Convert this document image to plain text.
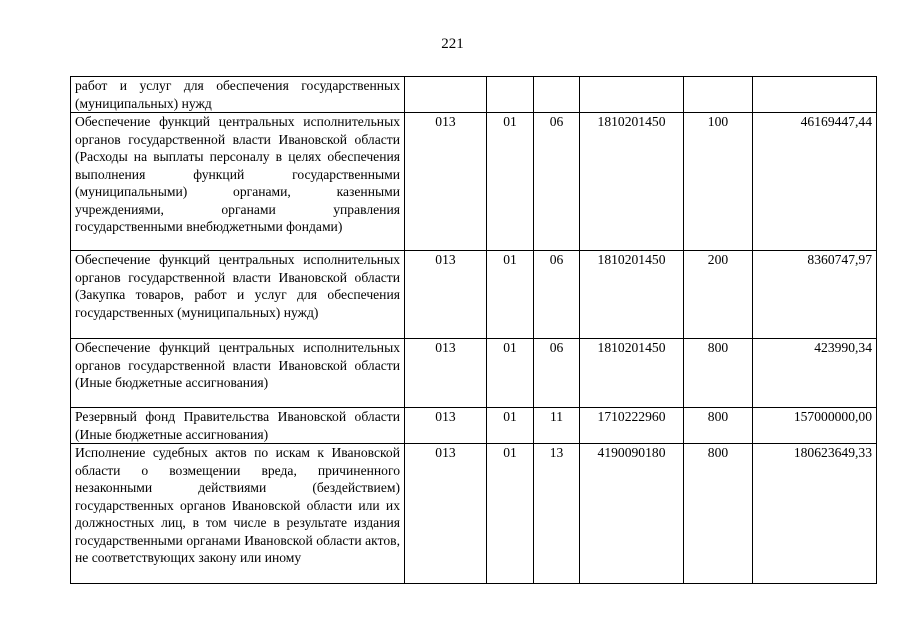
221
работ и услуг для обеспечения государственных (муниципальных) нужд						
Обеспечение функций центральных исполнительных органов государственной власти Ивановской области (Расходы на выплаты персоналу в целях обеспечения выполнения функций государственными (муниципальными) органами, казенными учреждениями, органами управления государственными внебюджетными фондами)	013	01	06	1810201450	100	46169447,44
Обеспечение функций центральных исполнительных органов государственной власти Ивановской области (Закупка товаров, работ и услуг для обеспечения государственных (муниципальных) нужд)	013	01	06	1810201450	200	8360747,97
Обеспечение функций центральных исполнительных органов государственной власти Ивановской области (Иные бюджетные ассигнования)	013	01	06	1810201450	800	423990,34
Резервный фонд Правительства Ивановской области (Иные бюджетные ассигнования)	013	01	11	1710222960	800	157000000,00
Исполнение судебных актов по искам к Ивановской области о возмещении вреда, причиненного незаконными действиями (бездействием) государственных органов Ивановской области или их должностных лиц, в том числе в результате издания государственными органами Ивановской области актов, не соответствующих закону или иному	013	01	13	4190090180	800	180623649,33
